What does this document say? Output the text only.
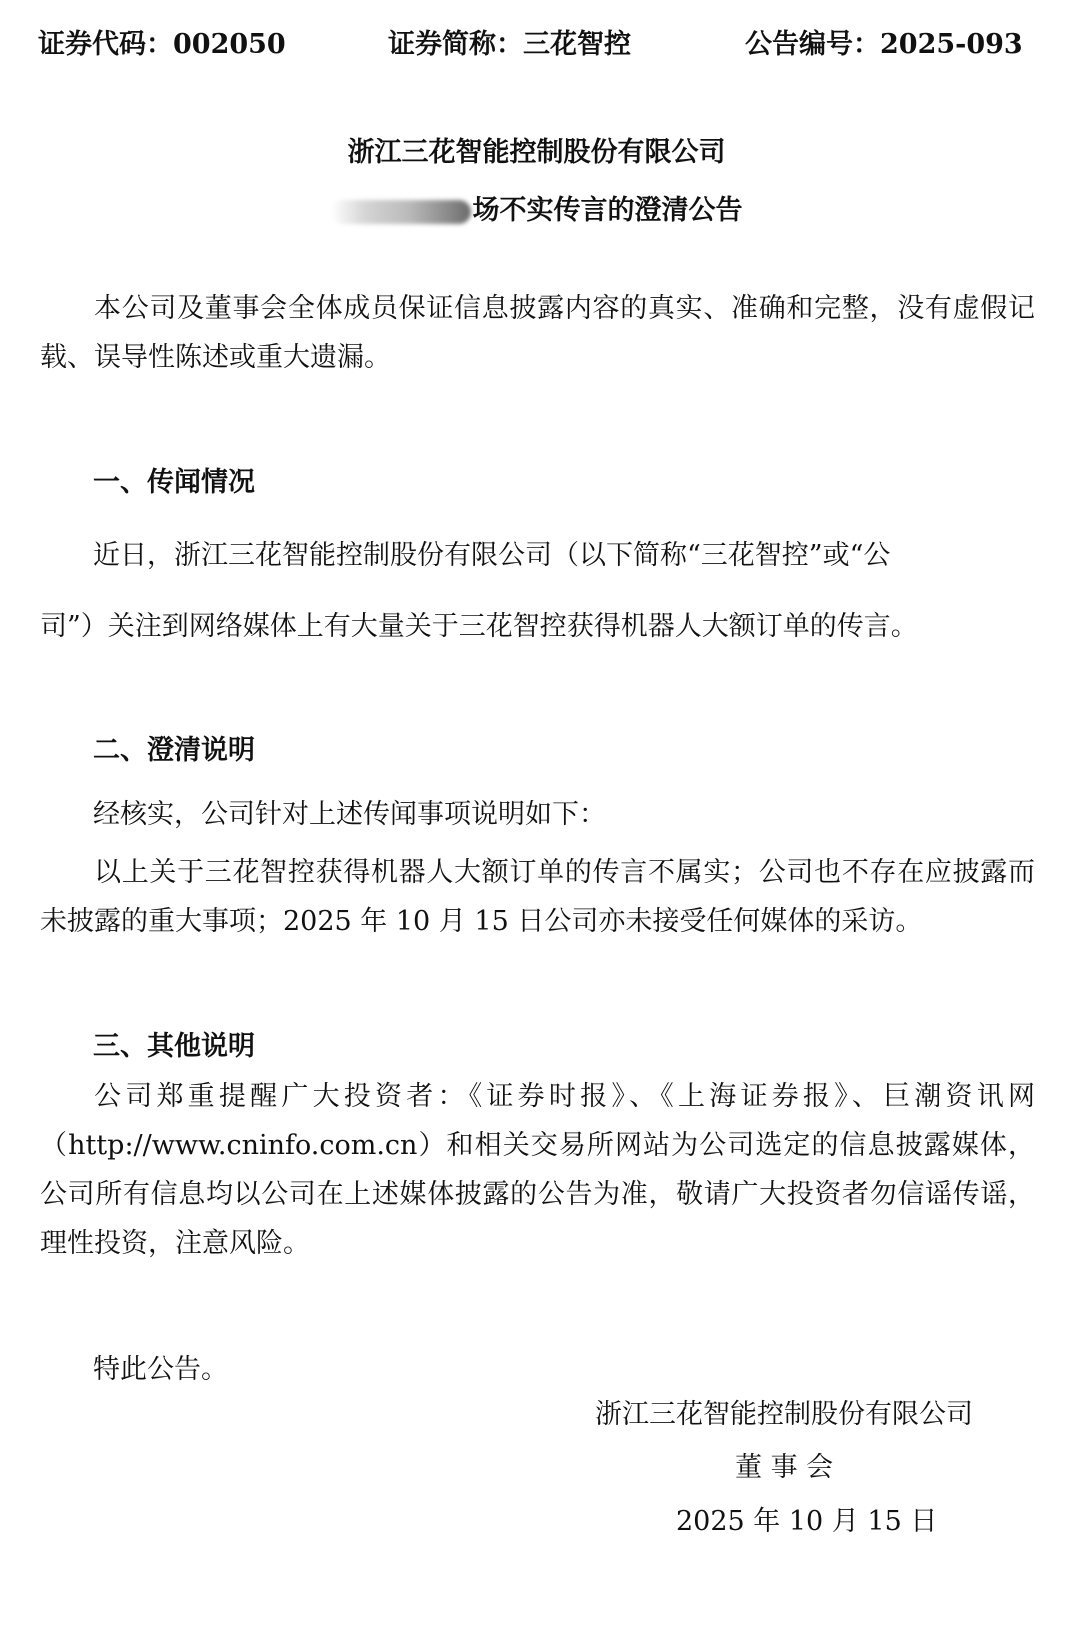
证券代码：002050	证券简称：三花智控	公告编号：2025-093
浙江三花智能控制股份有限公司
场不实传言的澄清公告
本公司及董事会全体成员保证信息披露内容的真实、准确和完整，没有虚假记载、误导性陈述或重大遗漏。
一、传闻情况
近日，浙江三花智能控制股份有限公司（以下简称“三花智控”或“公
司”）关注到网络媒体上有大量关于三花智控获得机器人大额订单的传言。
二、澄清说明
经核实，公司针对上述传闻事项说明如下：
以上关于三花智控获得机器人大额订单的传言不属实；公司也不存在应披露而未披露的重大事项；2025 年 10 月 15 日公司亦未接受任何媒体的采访。
三、其他说明
公司郑重提醒广大投资者：《证券时报》、《上海证券报》、巨潮资讯网（http://www.cninfo.com.cn）和相关交易所网站为公司选定的信息披露媒体，公司所有信息均以公司在上述媒体披露的公告为准，敬请广大投资者勿信谣传谣，理性投资，注意风险。
特此公告。
浙江三花智能控制股份有限公司
董 事 会
2025 年 10 月 15 日
